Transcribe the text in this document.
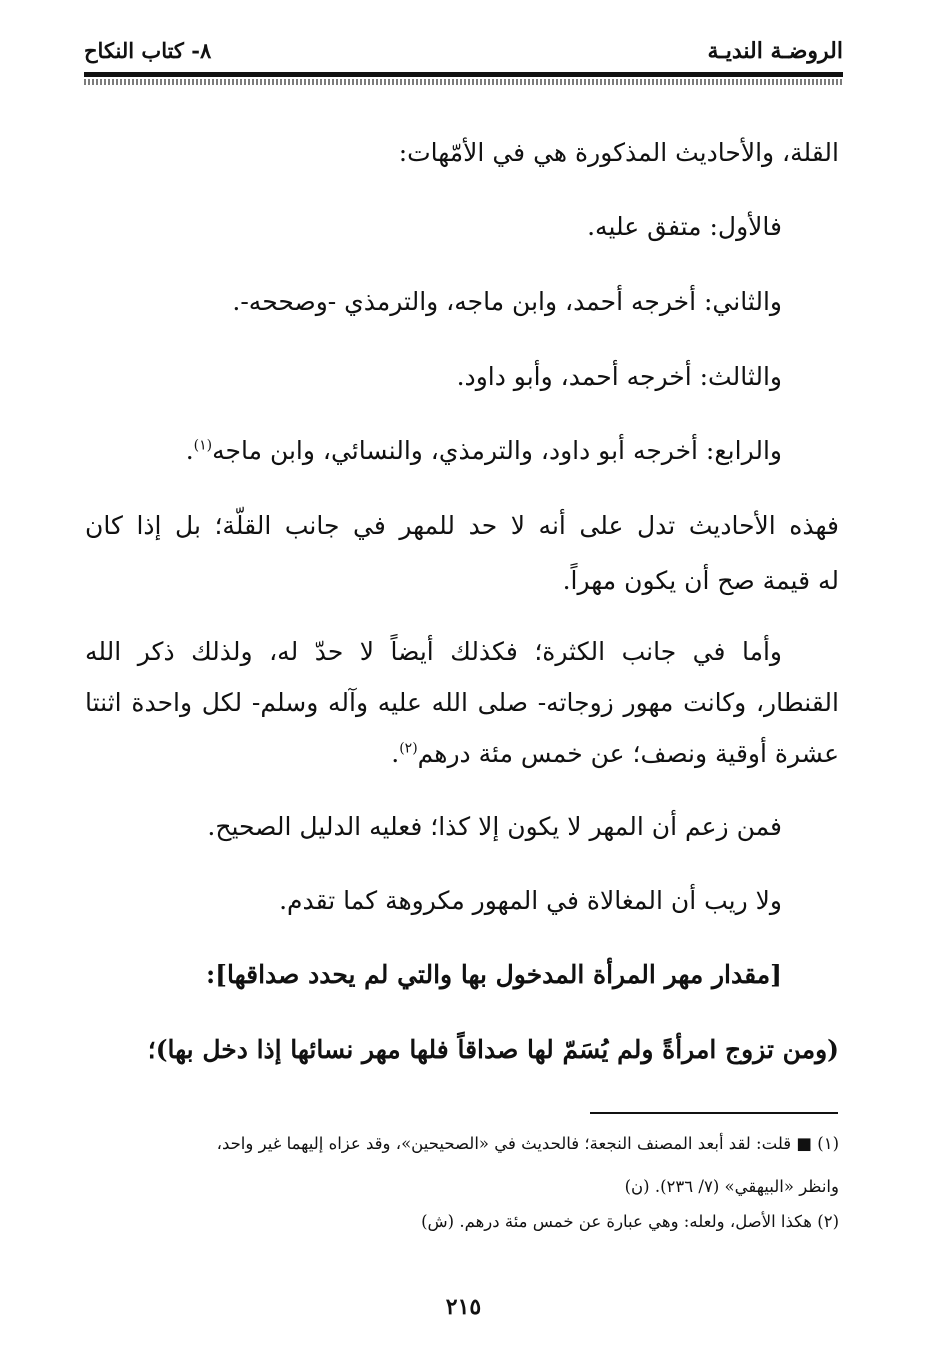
الروضـة النديـة
٨- كتاب النكاح
القلة، والأحاديث المذكورة هي في الأمّهات:
فالأول: متفق عليه.
والثاني: أخرجه أحمد، وابن ماجه، والترمذي -وصححه-.
والثالث: أخرجه أحمد، وأبو داود.
والرابع: أخرجه أبو داود، والترمذي، والنسائي، وابن ماجه$^{(١)}$.
فهذه الأحاديث تدل على أنه لا حد للمهر في جانب القلّة؛ بل إذا كان
له قيمة صح أن يكون مهراً.
وأما في جانب الكثرة؛ فكذلك أيضاً لا حدّ له، ولذلك ذكر الله
القنطار، وكانت مهور زوجاته- صلى الله عليه وآله وسلم- لكل واحدة اثنتا
عشرة أوقية ونصف؛ عن خمس مئة درهم$^{(٢)}$.
فمن زعم أن المهر لا يكون إلا كذا؛ فعليه الدليل الصحيح.
ولا ريب أن المغالاة في المهور مكروهة كما تقدم.
[مقدار مهر المرأة المدخول بها والتي لم يحدد صداقها]:
(ومن تزوج امرأةً ولم يُسَمّ لها صداقاً فلها مهر نسائها إذا دخل بها)؛
(١) ■ قلت: لقد أبعد المصنف النجعة؛ فالحديث في «الصحيحين»، وقد عزاه إليهما غير واحد،
وانظر «البيهقي» (٧/ ٢٣٦). (ن)
(٢) هكذا الأصل، ولعله: وهي عبارة عن خمس مئة درهم. (ش)
٢١٥
